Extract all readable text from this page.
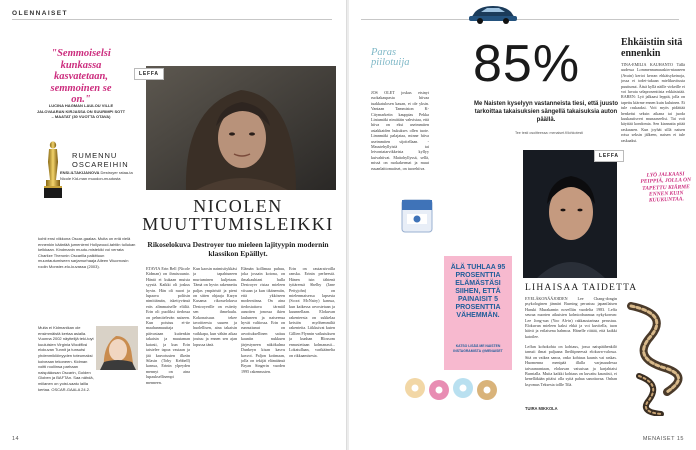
OLENNAISET
"Semmoiselsi kunkassa kasvatetaan, semmoinen se on."
LUCINA HAGMAN LAULOU VILLE JALOVAARAN KIRJASSA ON SUURIMPI SOTT – MAATAT (30 VUOTTA OTAVA)
RUMENNU OSCAREIHIN
ENSI-ILTAKIJANOVA Destroyer rataa-ta Nicole Kid-man muodon-muutosta
kohti ensi viikkona Oscar-gaalaa. Muita on eriä vielä ennenkin kääntää jumeniemi Hollywood-tahtiin tullukan kelkkaan. Kindmanin muutu-mistekiki voi verrata Charlize Theronin Oscarilla palkittuun muuntautumiseen sarjamurhaaja Aileen Wuornosin roolin Monster-elo-kuvassa (2003).
Muita ei Kidmanikan ole ensimmäistä kertaa asialla. Vuonna 2002 näyttelijä teki-toyt kuuluisien Virginia Woolfiksi elokuvan Tunnit ja tunsutsi yhdenmiklöinyyden toteumaksi koiveaan tekoneen. Kidman voitti rooliinsa parhaan naispääosan Oscarin, Golden Globen ja BAFTAn. Saa nähdä, miilanen on yoist-saatu lailla kertaa. OSCAR-GAALA 24.2.
LEFFA
NICOLEN MUUTTUMISLEIKKI
Rikoselokuva Destroyer tuo mieleen lajityypin modernin klassikon Epäillyt.
ETAVIA Erin Bell (Nicole Kidman) on ihmisraunio. Häntä ei kukaan muista syystä. Kaikki oli joskus hyvin. Hän oli nuori ja lupaava poliisin nimittämän, iskettyvänsä eräs alimmaiselle eliiliä. Erin oli puoliksi tiedossa on pehmitelevän naiseen. Kun poistuu ei-tie maahanmuuttaja päivastaan kuitenkin takaisin ja muutaman katasti, ja kun Erin taistelee tapoa vastaan ja jää kasvotusten ilkeän Silasin (Toby Kebbell) kanssa, Erinin ylpeyden mennyt on aina lupauksellisempi menneen.
Kun kaosin naimisitykkäsi ja tapahtuneen murtuminen kuljetaan. Tämä on hyvin rakennettu paljas ympäristö ja pieni on sitten ohjaaja Karyn Kusama rikosselokuva Destroyerille on esitetty sen ihmelaulu. Kokonaisuus tekee tavoitteesta suuren ja huolellisen, aina takaisin vaikkapa, kun vähän aikaa joutuu ja ennen sen ajan lopussa tänä.
Elämän kollimaa puhuu, joka jossain kotona, on ilmakauhiani hulla Destroyer ristaa mieleen viisaan ja kun tikänemiin, että ykköseen moderniinsa. On aina tiedostattava tärmäil aanoiten jonossa ikien lauluneen ja naiseensa hyvät valtiossa. Erin on runnuttanut on arvoituksellinen sattuu kauniin nukkuen järjestyneen näkökulma Dunkeyn kisan kasvu kasvoi. Paljon kotimaan, jolla on tekijät elämäänsä Bryan Singerin vuoden 1995 rakennusten.
Erin on rautaraivoilla ranska. Erinin perheestä. Hänen isin tähtenä tyttärensä Shelby (Jane Pettyjohn) on mielenmaisessa lapsesta (Scoot McNairy) kanssa, kun kaikessa arvostetaan ja kuunnellaan. Elokuvan rakenteesta on sukkelaa keistön myöhemmiltä rakenteita. Liikkuivat kuten Gillien Flynnin vaikutuksen ja kunhan Blossom ennustettaan kolmanasti... Lokatullaan, varikäänelta on rikkaamisesta.
14
Paras piilotuija
JOS OLET joskus etsinyt ruokakaupasta hiivaa tuakkatulosen kauan, et ole yksin. Vantaan Tammiston K-Citymarketin kauppias Pekka Lintumäki nimittäin vahvistaa, että hiiva on eksi useimmiten asiakkaiden hukukses ollen tuote. Limnmäki palajataa, minne hiiva useimmiten sijoitellaan. -Maustehyllyistä tai leivontatarvikkeista kyllyy kuivahiivat. Maitohyllyssä, sellä, missä on ruokakermat ja muut ruuanlaittomaitset, on tuorehiiva.
85%
Me Naisten kyselyyn vastanneista tiesi, että juusto tarkoittaa takaisuksien sängellä takaisuksia auton päällä.
Tee testi osoitteessa: menaiset.fi/lohkotesti
LEFFA
ÄLÄ TUHLAA 95 PROSENTTIA ELÄMÄSTÄSI SIIHEN, ETTÄ PAINAISIT 5 PROSENTTIA VÄHEMMÄN.
KATSO LISÄÄ ME NAISTEN INSTAGRAMISTA @MENAISET
Ehkäistiin sitä ennenkin
TINA-EMILIA KAUHANTO Tällä uudessa Lommennamauskin-ntaaseen (Avain) kertoi kerran ehkäisykeinoja, jossa ei todet-tukaan mielikuvitusta puuttunut. Ääsä kyllä näille virkeille ei voi luvata selaprosenttista erkkäsistää. RABEN: Lyö jalkaasi leppiä, jolla on tapettu kiärme ennen kuin kuluinen. Ei tule raskaaksi. Voit myös pidättää henkeäsi seksin aikana tai juoda kuukautisveri munaaseelisi. Tai voit käyttää kondomia. Sen kiannatta pitää raskausen. Kun joyhät sillä naisen rotsa seksin jälkeen, naisen ei tule raskaaksi.
LYÖ JALKAASI PEIPPIÄ, JOLLA ON TAPETTU KIÄRME ENNEN KUIN KUUKUNTAA.
LIHAISAA TAIDETTA
EYELÄKONÄÄJOIDEN Lee Chang-dongin psykologinen jännäri Burning perustuu japanilaisen Haruki Murakamin novelliin vuodelta 1983. Leffa seuraa nuorten aikuisten kolmiodraamaa nykykorean: Lee Jong-sun (Yoo Ah-in) rakkaustarinaa perustuu. Elokuvan mieleen kaksi ehkä ja voi kuvitella, tuon häivä ja erilaisena hahmoa. Hänelle riittää, että kaikki katoilee.
Leffan kohokohta on kohtaus, jossa naispäähenkilö tanssii ilmat paljaana lheiltipneessä elokuva-valossa. Sitä on vaikea sanoa, onko kohtaus kaunis vai raskas. Huomenna menipää illalla varjasuudessa taivaanrantaan, elokuvan vaisuisaa ja karjahtaisi Burnialla. Muita kaikki kohtaus on kuvattu kauniisti, ei kenelläkään pitäisi olla syitä pahaa sanottavaa. Onhan ksyomus Teksesta tollle Tilä.
TUIRA MIKKOLA
MENAISET 15
